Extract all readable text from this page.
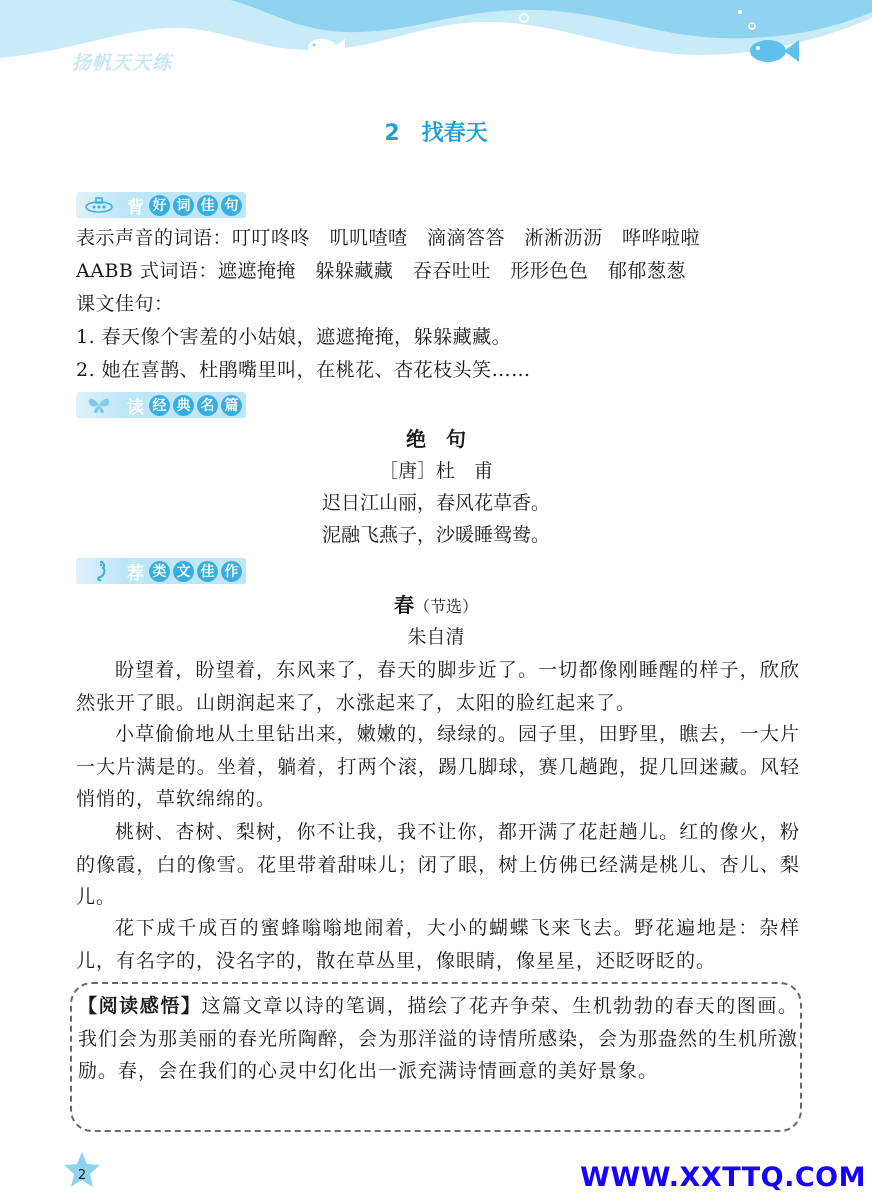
扬帆天天练
2 找春天
背 好 词 佳 句
表示声音的词语：叮叮咚咚　叽叽喳喳　滴滴答答　淅淅沥沥　哗哗啦啦
AABB 式词语：遮遮掩掩　躲躲藏藏　吞吞吐吐　形形色色　郁郁葱葱
课文佳句：
1. 春天像个害羞的小姑娘，遮遮掩掩，躲躲藏藏。
2. 她在喜鹊、杜鹃嘴里叫，在桃花、杏花枝头笑……
读 经 典 名 篇
绝　句
［唐］杜　甫
迟日江山丽，春风花草香。
泥融飞燕子，沙暖睡鸳鸯。
荐 类 文 佳 作
春（节选）
朱自清
盼望着，盼望着，东风来了，春天的脚步近了。一切都像刚睡醒的样子，欣欣然张开了眼。山朗润起来了，水涨起来了，太阳的脸红起来了。
小草偷偷地从土里钻出来，嫩嫩的，绿绿的。园子里，田野里，瞧去，一大片一大片满是的。坐着，躺着，打两个滚，踢几脚球，赛几趟跑，捉几回迷藏。风轻悄悄的，草软绵绵的。
桃树、杏树、梨树，你不让我，我不让你，都开满了花赶趟儿。红的像火，粉的像霞，白的像雪。花里带着甜味儿；闭了眼，树上仿佛已经满是桃儿、杏儿、梨儿。
花下成千成百的蜜蜂嗡嗡地闹着，大小的蝴蝶飞来飞去。野花遍地是：杂样儿，有名字的，没名字的，散在草丛里，像眼睛，像星星，还眨呀眨的。
【阅读感悟】这篇文章以诗的笔调，描绘了花卉争荣、生机勃勃的春天的图画。我们会为那美丽的春光所陶醉，会为那洋溢的诗情所感染，会为那盎然的生机所激励。春，会在我们的心灵中幻化出一派充满诗情画意的美好景象。
2	WWW.XXTTQ.COM
